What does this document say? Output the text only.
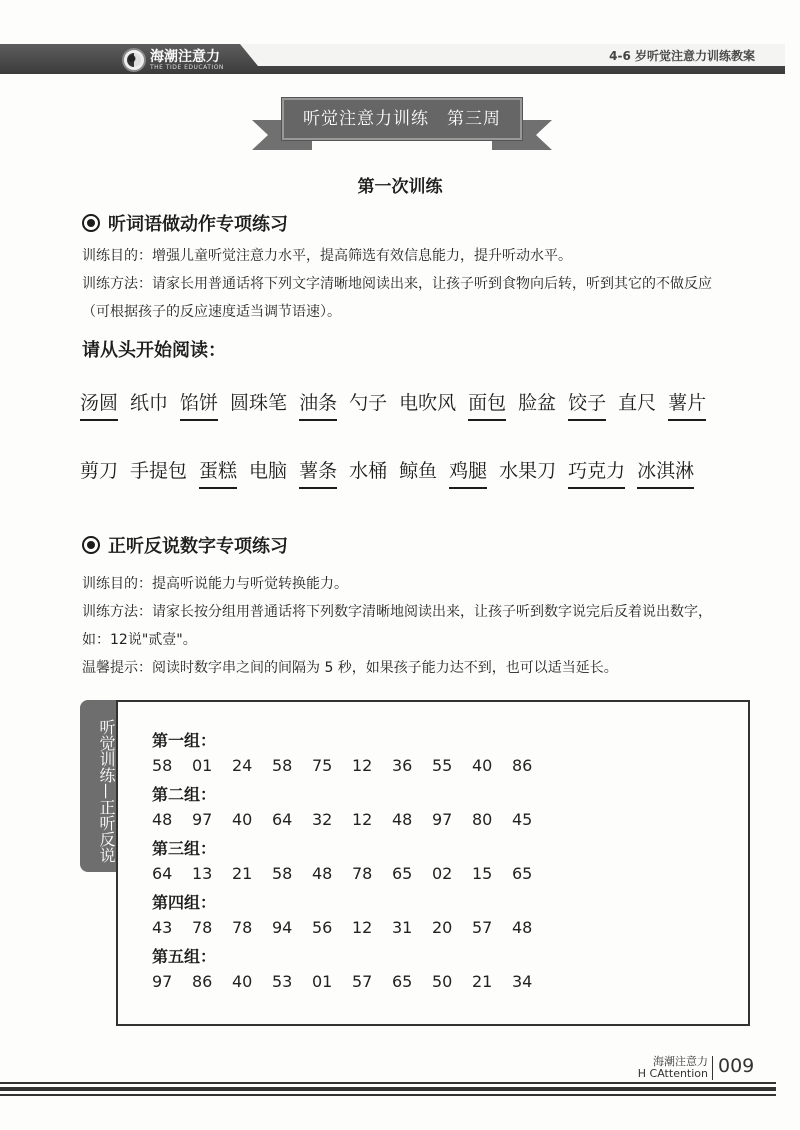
海潮注意力
THE TIDE EDUCATION
4-6 岁听觉注意力训练教案
听觉注意力训练　第三周
第一次训练
听词语做动作专项练习
训练目的：增强儿童听觉注意力水平，提高筛选有效信息能力，提升听动水平。
训练方法：请家长用普通话将下列文字清晰地阅读出来，让孩子听到食物向后转，听到其它的不做反应（可根据孩子的反应速度适当调节语速）。
请从头开始阅读：
汤圆 纸巾 馅饼 圆珠笔 油条 勺子 电吹风 面包 脸盆 饺子 直尺 薯片
剪刀 手提包 蛋糕 电脑 薯条 水桶 鲸鱼 鸡腿 水果刀 巧克力 冰淇淋
正听反说数字专项练习
训练目的：提高听说能力与听觉转换能力。
训练方法：请家长按分组用普通话将下列数字清晰地阅读出来，让孩子听到数字说完后反着说出数字，如：12说"贰壹"。
温馨提示：阅读时数字串之间的间隔为 5 秒，如果孩子能力达不到，也可以适当延长。
听觉训练—正听反说 第一组：
58	01	24	58	75	12	36	55	40	86
第二组：
48	97	40	64	32	12	48	97	80	45
第三组：
64	13	21	58	48	78	65	02	15	65
第四组：
43	78	78	94	56	12	31	20	57	48
第五组：
97	86	40	53	01	57	65	50	21	34
海潮注意力
H CAttention 009
